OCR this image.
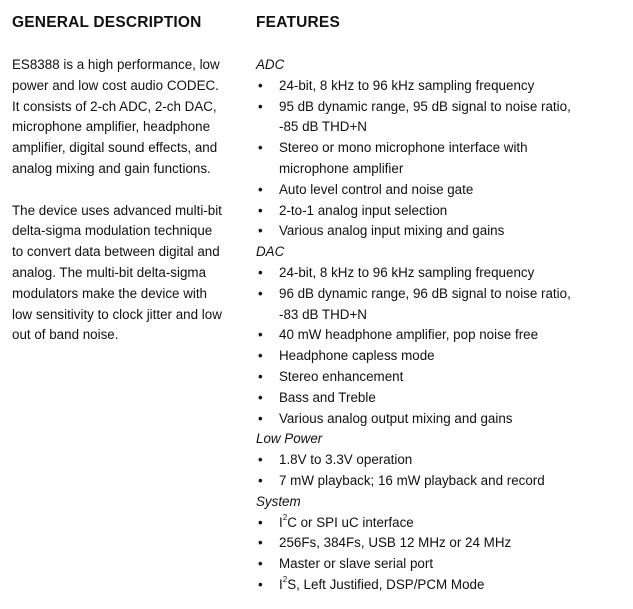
GENERAL DESCRIPTION	FEATURES

ES8388 is a high performance, low
power and low cost audio CODEC.
It consists of 2-ch ADC, 2-ch DAC,
microphone amplifier, headphone
amplifier, digital sound effects, and
analog mixing and gain functions.

The device uses advanced multi-bit
delta-sigma modulation technique
to convert data between digital and
analog. The multi-bit delta-sigma
modulators make the device with
low sensitivity to clock jitter and low
out of band noise.

ADC
• 24-bit, 8 kHz to 96 kHz sampling frequency
• 95 dB dynamic range, 95 dB signal to noise ratio,
-85 dB THD+N
• Stereo or mono microphone interface with
microphone amplifier
• Auto level control and noise gate
• 2-to-1 analog input selection
• Various analog input mixing and gains
DAC
• 24-bit, 8 kHz to 96 kHz sampling frequency
• 96 dB dynamic range, 96 dB signal to noise ratio,
-83 dB THD+N
• 40 mW headphone amplifier, pop noise free
• Headphone capless mode
• Stereo enhancement
• Bass and Treble
• Various analog output mixing and gains
Low Power
• 1.8V to 3.3V operation
• 7 mW playback; 16 mW playback and record
System
• $I^2C$ or SPI uC interface
• 256Fs, 384Fs, USB 12 MHz or 24 MHz
• Master or slave serial port
• $I^2S$, Left Justified, DSP/PCM Mode
